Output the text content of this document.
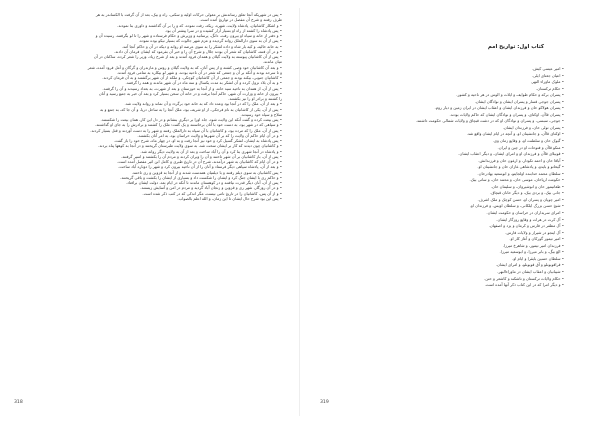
• پس در شهریکه آنجا تعلق رساندنش بر مغولی حرکات اولیه و سکنی، راه و بیک، بعد از آن گرفت با الکساندر به هر
طرف رفتند و شرح آن مفصل در تواریخ آمده است.
• و اشکار کاشانیان، پادشاه ولایت، شهره، ریکه، رفت نموده، که و را بر آن گذاشتند و داوری بنا نمودند.
• پس پادشاه را کشته از راه او بسیار آزار کشیده و در سرا پیشتر آن بود.
• و دفتر از خانه و سپاه او بیرون رفت، دانگ، پرسانید و وزیرش و حکام فرستاده و شهر را تا لو بگرفتند، رسیده آن و
• پس از آن به سوی دارالملک روانه گردیده و عزم شهر جالوت که بسیار نیکو بوده نموده.
• به خانه خالیه، و کیه بار شاه و داده لشکر را به سوی عرصه او روانه و دیکه در آن و حاکم آنجا آمد.
• و در آن فتنه، کاشانیان که شعر آن بودند جلال و شرح آن را و خبر آن بفرمود که ایشان فرمان آن دادند.
• پس از آن کاشانیان پیوسته به ولایت گیلان و همدان فرود آمدند و بعد از شرح زیاد، وزیر را شعر کرده، ساکنان در آن
میان ماندند.
• و بعد آن کاشانیان خود وصی کشته و از پس آنان، که به ولایت گیلان و روس و مازندران و گرگان و آمل فرود آمده، شعر
و تا سرحد بودند و آنکه بر آن و جمعی که شعر در آن ناحیه بودند، و شهر لو بیکاره به تمامی فرود آمدند.
• کاشانیان جنوبی، بیکند بودند و جمعی از آن کاشانیان کوچکی، و ملکه از آن شهر برگشتند و به آن فرمان کردند.
• و به آن بلاد نزول کرده و آن لشکر به مدت یکسال و سه ماه در آن شهر ماندند و همه را گرفتند.
• پس از آن، از همدان به ناحیه سید خانه، و از آنجا به خوزستان و بعد از شهرت، به بغداد رسیدند و آن را گرفتند.
• بیرون از خانه و وزارت آن شهر، حاکم آنجا برفت و در خانه آن سخن بسیار کرد و بعد آن خبر به جمع رسید و آنان
را کشتند و برادر او را نیز بکشتند.
• و بعد از آن، ملک را که در آنجا بود وعده داد که به خانه خود برگردد و آن نماند و روانه ولایت شد.
• پس از آن، یکی از کاشانیان به نام فرجکی، از او شریف بود، ملک آنجا را به ساحل دریا، و آن جا که، به جمع و به
سلاح و سپاه خود رسیدند.
• پس بیعت کرده و گفت آنکه این ولایت شود، جاه اورا بر دیگری بنشانم و در دل این کار، همان بیعت را شکستند.
• و سپاهی که در شهر بود، به دست خود با آنان برخاستند و یک گفت: ملک را کشتند و برادرش را به جای او گذاشتند.
• پس از آن، ملک را که مرده بود، و کاشانیان با آن سپاه به دارالملک رفتند و شهر را به دست آوردند و قتل بسیار کردند.
• و در آن ایام حاکم آن ولایت را که بر آن شهرها و ولایت خراسان بود، به امر آنان بکشتند.
• پس پادشاه به ایشان، لشکر گسیل کرد و خود نیز آنجا رفت و به او، در چهار ماه، شرح خود را باز گفت.
• و کاشانیان چون دیدند که کار بر ایشان سخت شد، به سوی ولایت طبرستان گریختند و در آنجا به کوهها پناه بردند.
• و پادشاه در آنجا شهری بنا کرد و آن را آباد ساخت و بعد از آن به ولایت دیگر روانه شد.
• پس از آن، باز کاشانیان بر آن شهر تاختند و آن را ویران کردند و مردم آن را بکشتند و اسیر گرفتند.
• و در آن ایام که کاشانیان به شهر درآمدند، شرح آن در تاریخ طبری و کامل ابن اثیر مفصل آمده است.
• و بعد از آن، پادشاه سپاهی دیگر فرستاد و آنان را از آن ناحیه بیرون کرد و شهر را دوباره آباد ساخت.
• پس کاشانیان به سوی دیلم رفتند و با دیلمیان همدست شدند و از آنجا به قزوین و ری تاختند.
• و حاکم ری با ایشان جنگ کرد و ایشان را شکست داد و بسیاری از ایشان را بکشت و باقی گریختند.
• پس از آن، آنان دیگر قدرت نیافتند و در کوهستان ماندند تا آنکه در ایام بعد، دولت ایشان برافتاد.
• و در آن روزگار، شهر ری و قزوین و زنجان آباد گردید و مردم در امن و آسایش زیستند.
• و از آن پس، کاشانیان را در تاریخ نامی نیست، مگر اندکی که در کتب ذکر شده است.
• پس این بود شرح حال ایشان تا این زمان، و الله اعلم بالصواب.
318
کتاب اول: تواریخ امم
• امیر عیسی کیش.
• اعیان جغتای ایلی.
• ملوک ماوراء النهر.
• حکام ترکستان.
• پسران برکه و حکام طوایف و ایلات و الوس در هر ناحیه و کشور.
• پسران جوجی قسار و پسران ایشان و نوادگان ایشان.
• پسران هولاکو خان و فرزندان ایشان و اعقاب ایشان در ایران زمین و دیار روم.
• پسران قاآن، اوکتای، و پسران و نوادگان ایشان که حاکم ولایات بودند.
• جوجی، سبسی، و پسران و نوادگان او که در دشت قبچاق و ولایات شمالی حکومت داشتند.
• پسران تولی خان، و فرزندان ایشان.
• اوکتای قاآن، و جانشینان او، و آنچه در ایام ایشان واقع شد.
• گیوک خان و سلطنت او، و وقایع زمان وی.
• منکو قاآن و فتوحات او در چین و ایران.
• قوبیلای قاآن و فرزندان او و امرای ایشان، و دیگر اعقاب ایشان.
• آباقا خان و احمد تکودار، و ارغون خان و فرزندانش.
• گیخاتو و بایدو، و پادشاهی غازان خان و جانشینان او.
• سلطان محمد خدابنده اولجایتو، و ابوسعید بهادرخان.
• حکومت ارپاخان، موسی خان، و محمد خان، و ساتی بیک.
• طغاتیمور خان و انوشیروان، و سلیمان خان.
• جانی بیک، و بردی بیک، و دیگر خانان قبچاق.
• امیر چوپان و پسران او، حسن کوچک و ملک اشرف.
• شیخ حسن بزرگ ایلکانی، و سلطان اویس، و فرزندان او.
• امرای سربداران در خراسان و حکومت ایشان.
• آل کرت در هرات و وقایع روزگار ایشان.
• آل مظفر در فارس و کرمان و یزد و اصفهان.
• آل اینجو در شیراز و ولایات فارس.
• امیر تیمور گورکان و آغاز کار او.
• فرزندان امیر تیمور، و شاهرخ میرزا.
• الغ بیگ، و بابر میرزا، و ابوسعید میرزا.
• سلطان حسین بایقرا و ایام او.
• قراقویونلو و آق قویونلو، و امرای ایشان.
• شیبانیان و اعقاب ایشان در ماوراءالنهر.
• حکام ولایات ترکستان و تاشکند و کاشغر و ختن.
• و دیگر امرا که در این کتاب ذکر آنها آمده است.
319
